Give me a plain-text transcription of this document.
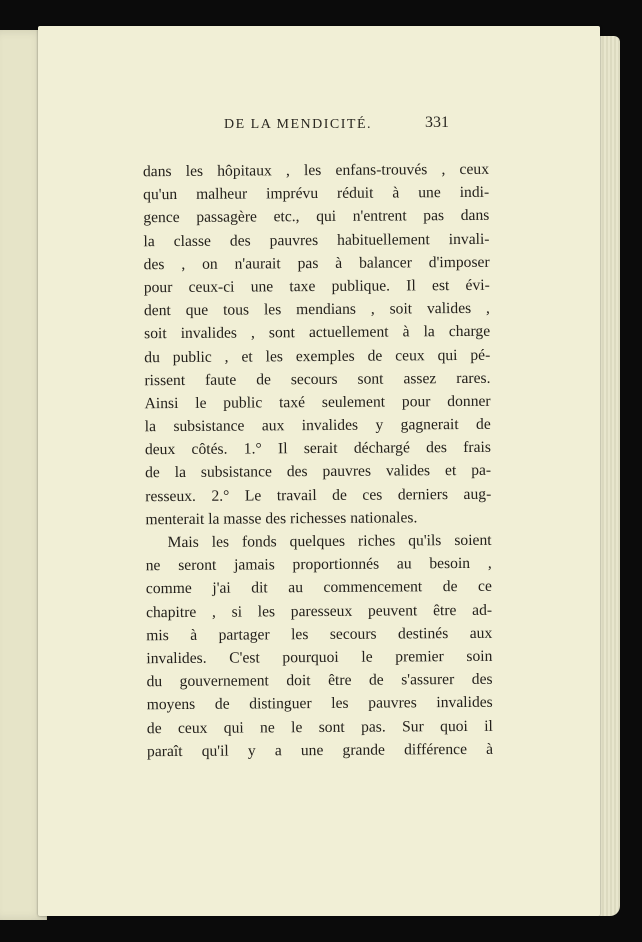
DE LA MENDICITÉ.	331
dans les hôpitaux , les enfans-trouvés , ceux
qu'un malheur imprévu réduit à une indi-
gence passagère etc., qui n'entrent pas dans
la classe des pauvres habituellement invali-
des , on n'aurait pas à balancer d'imposer
pour ceux-ci une taxe publique. Il est évi-
dent que tous les mendians , soit valides ,
soit invalides , sont actuellement à la charge
du public , et les exemples de ceux qui pé-
rissent faute de secours sont assez rares.
Ainsi le public taxé seulement pour donner
la subsistance aux invalides y gagnerait de
deux côtés. 1.° Il serait déchargé des frais
de la subsistance des pauvres valides et pa-
resseux. 2.° Le travail de ces derniers aug-
menterait la masse des richesses nationales.
Mais les fonds quelques riches qu'ils soient
ne seront jamais proportionnés au besoin ,
comme j'ai dit au commencement de ce
chapitre , si les paresseux peuvent être ad-
mis à partager les secours destinés aux
invalides. C'est pourquoi le premier soin
du gouvernement doit être de s'assurer des
moyens de distinguer les pauvres invalides
de ceux qui ne le sont pas. Sur quoi il
paraît qu'il y a une grande différence à
